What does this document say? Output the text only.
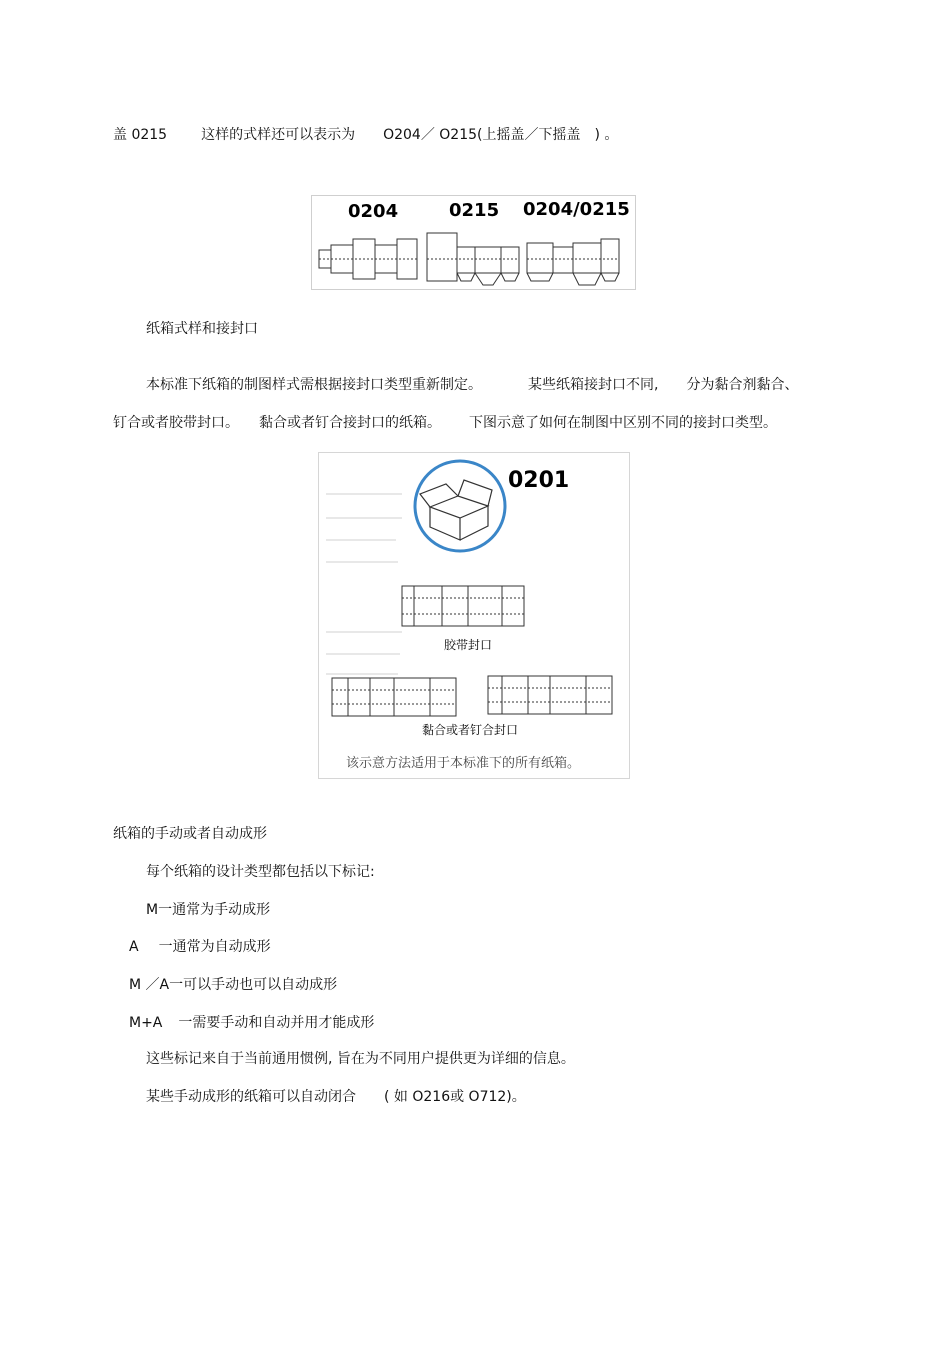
盖 0215 这样的式样还可以表示为 O204／ O215(上摇盖／下摇盖 ) 。
0204	0215 0204/0215
纸箱式样和接封口
本标准下纸箱的制图样式需根据接封口类型重新制定。	某些纸箱接封口不同, 分为黏合剂黏合、
钉合或者胶带封口。 黏合或者钉合接封口的纸箱。 下图示意了如何在制图中区别不同的接封口类型。
0201
胶带封口
黏合或者钉合封口
该示意方法适用于本标准下的所有纸箱。
纸箱的手动或者自动成形
每个纸箱的设计类型都包括以下标记:
M一通常为手动成形
A 一通常为自动成形
M ／A一可以手动也可以自动成形
M+A 一需要手动和自动并用才能成形
这些标记来自于当前通用惯例, 旨在为不同用户提供更为详细的信息。
某些手动成形的纸箱可以自动闭合 ( 如 O216或 O712)。
